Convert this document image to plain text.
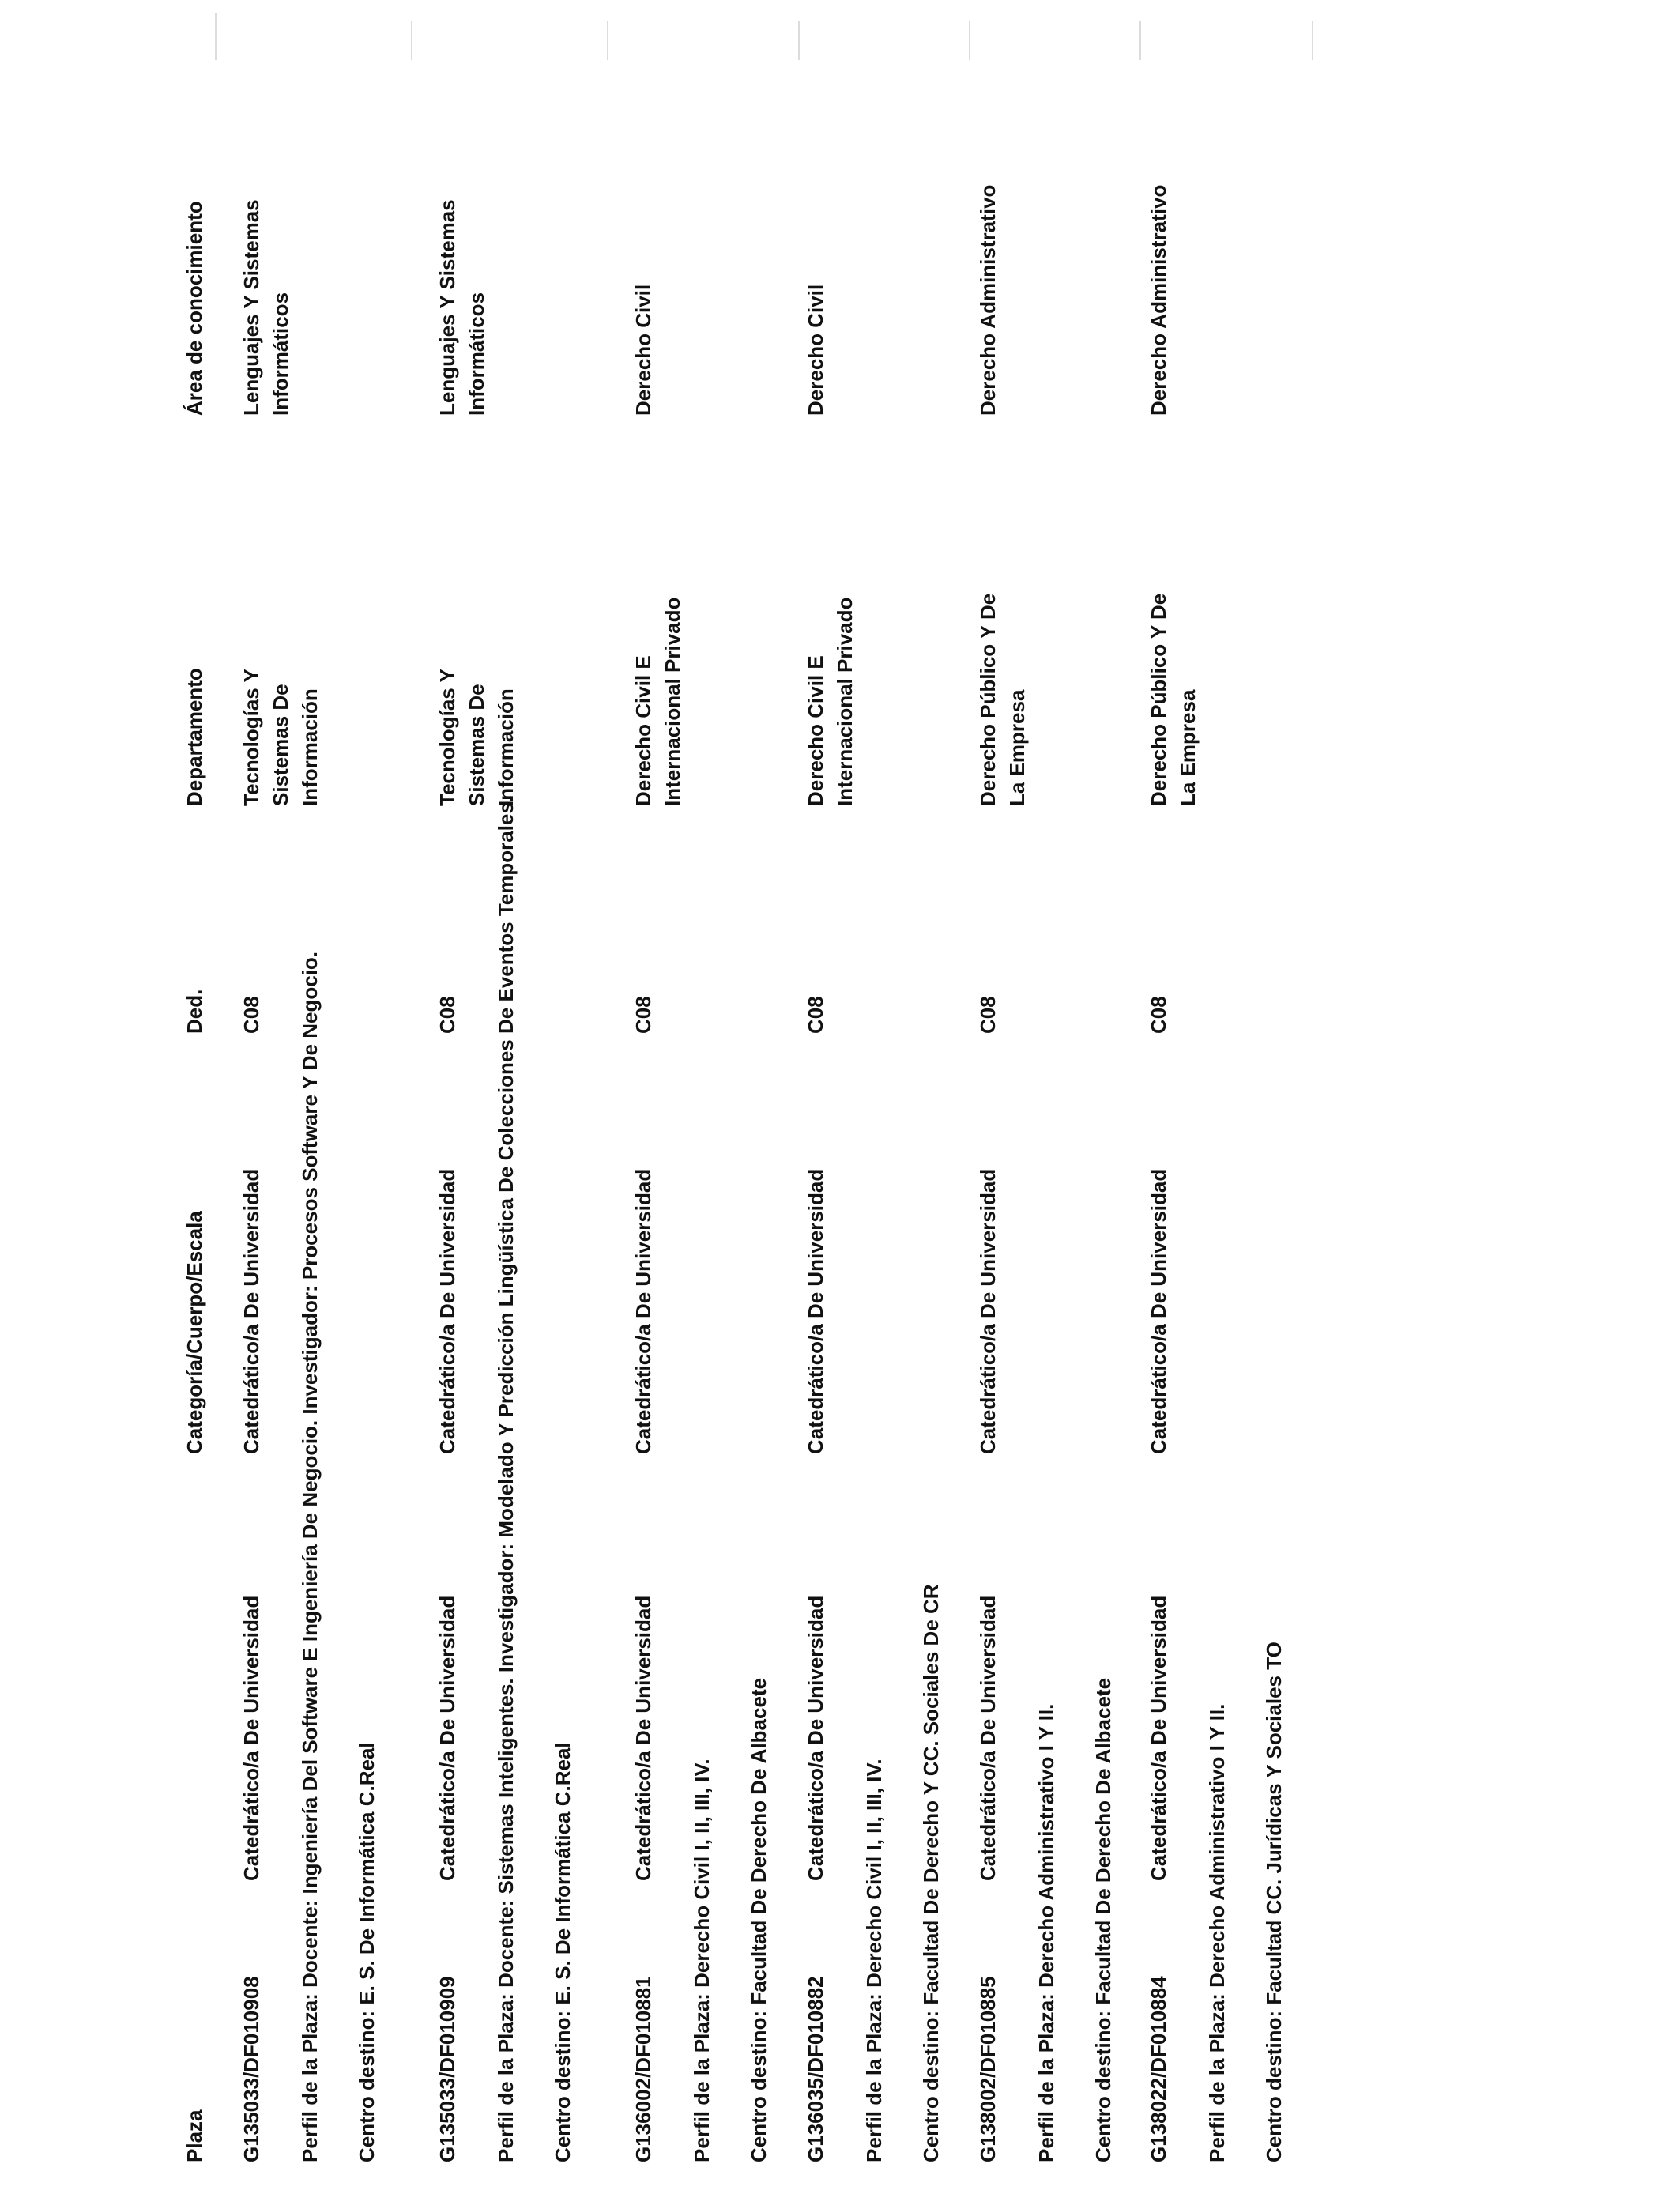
Plaza
Categoría/Cuerpo/Escala
Ded.
Departamento
Área de conocimiento
G135033/DF010908
Catedrático/a De Universidad
Catedrático/a De Universidad
C08
Tecnologías Y Sistemas De Información
Lenguajes Y Sistemas Informáticos
Perfil de la Plaza: Docente: Ingeniería Del Software E Ingeniería De Negocio. Investigador: Procesos Software Y De Negocio. Centro destino: E. S. De Informática C.Real	G135033/DF010909
Catedrático/a De Universidad
Catedrático/a De Universidad
C08
Tecnologías Y Sistemas De Información
Lenguajes Y Sistemas Informáticos
Perfil de la Plaza: Docente: Sistemas Inteligentes. Investigador: Modelado Y Predicción Lingüística De Colecciones De Eventos Temporales. Centro destino: E. S. De Informática C.Real	G136002/DF010881
Catedrático/a De Universidad
Catedrático/a De Universidad
C08
Derecho Civil E Internacional Privado
Derecho Civil
Perfil de la Plaza: Derecho Civil I, II, III, IV. Centro destino: Facultad De Derecho De Albacete G136035/DF010882
Catedrático/a De Universidad
Catedrático/a De Universidad
C08
Derecho Civil E Internacional Privado
Derecho Civil
Perfil de la Plaza: Derecho Civil I, II, III, IV. Centro destino: Facultad De Derecho Y CC. Sociales De CR G138002/DF010885
Catedrático/a De Universidad
Catedrático/a De Universidad
C08
Derecho Público Y De La Empresa
Derecho Administrativo
Perfil de la Plaza: Derecho Administrativo I Y II. Centro destino: Facultad De Derecho De Albacete G138022/DF010884
Catedrático/a De Universidad
Catedrático/a De Universidad
C08
Derecho Público Y De La Empresa
Derecho Administrativo
Perfil de la Plaza: Derecho Administrativo I Y II. Centro destino: Facultad CC. Jurídicas Y Sociales TO
